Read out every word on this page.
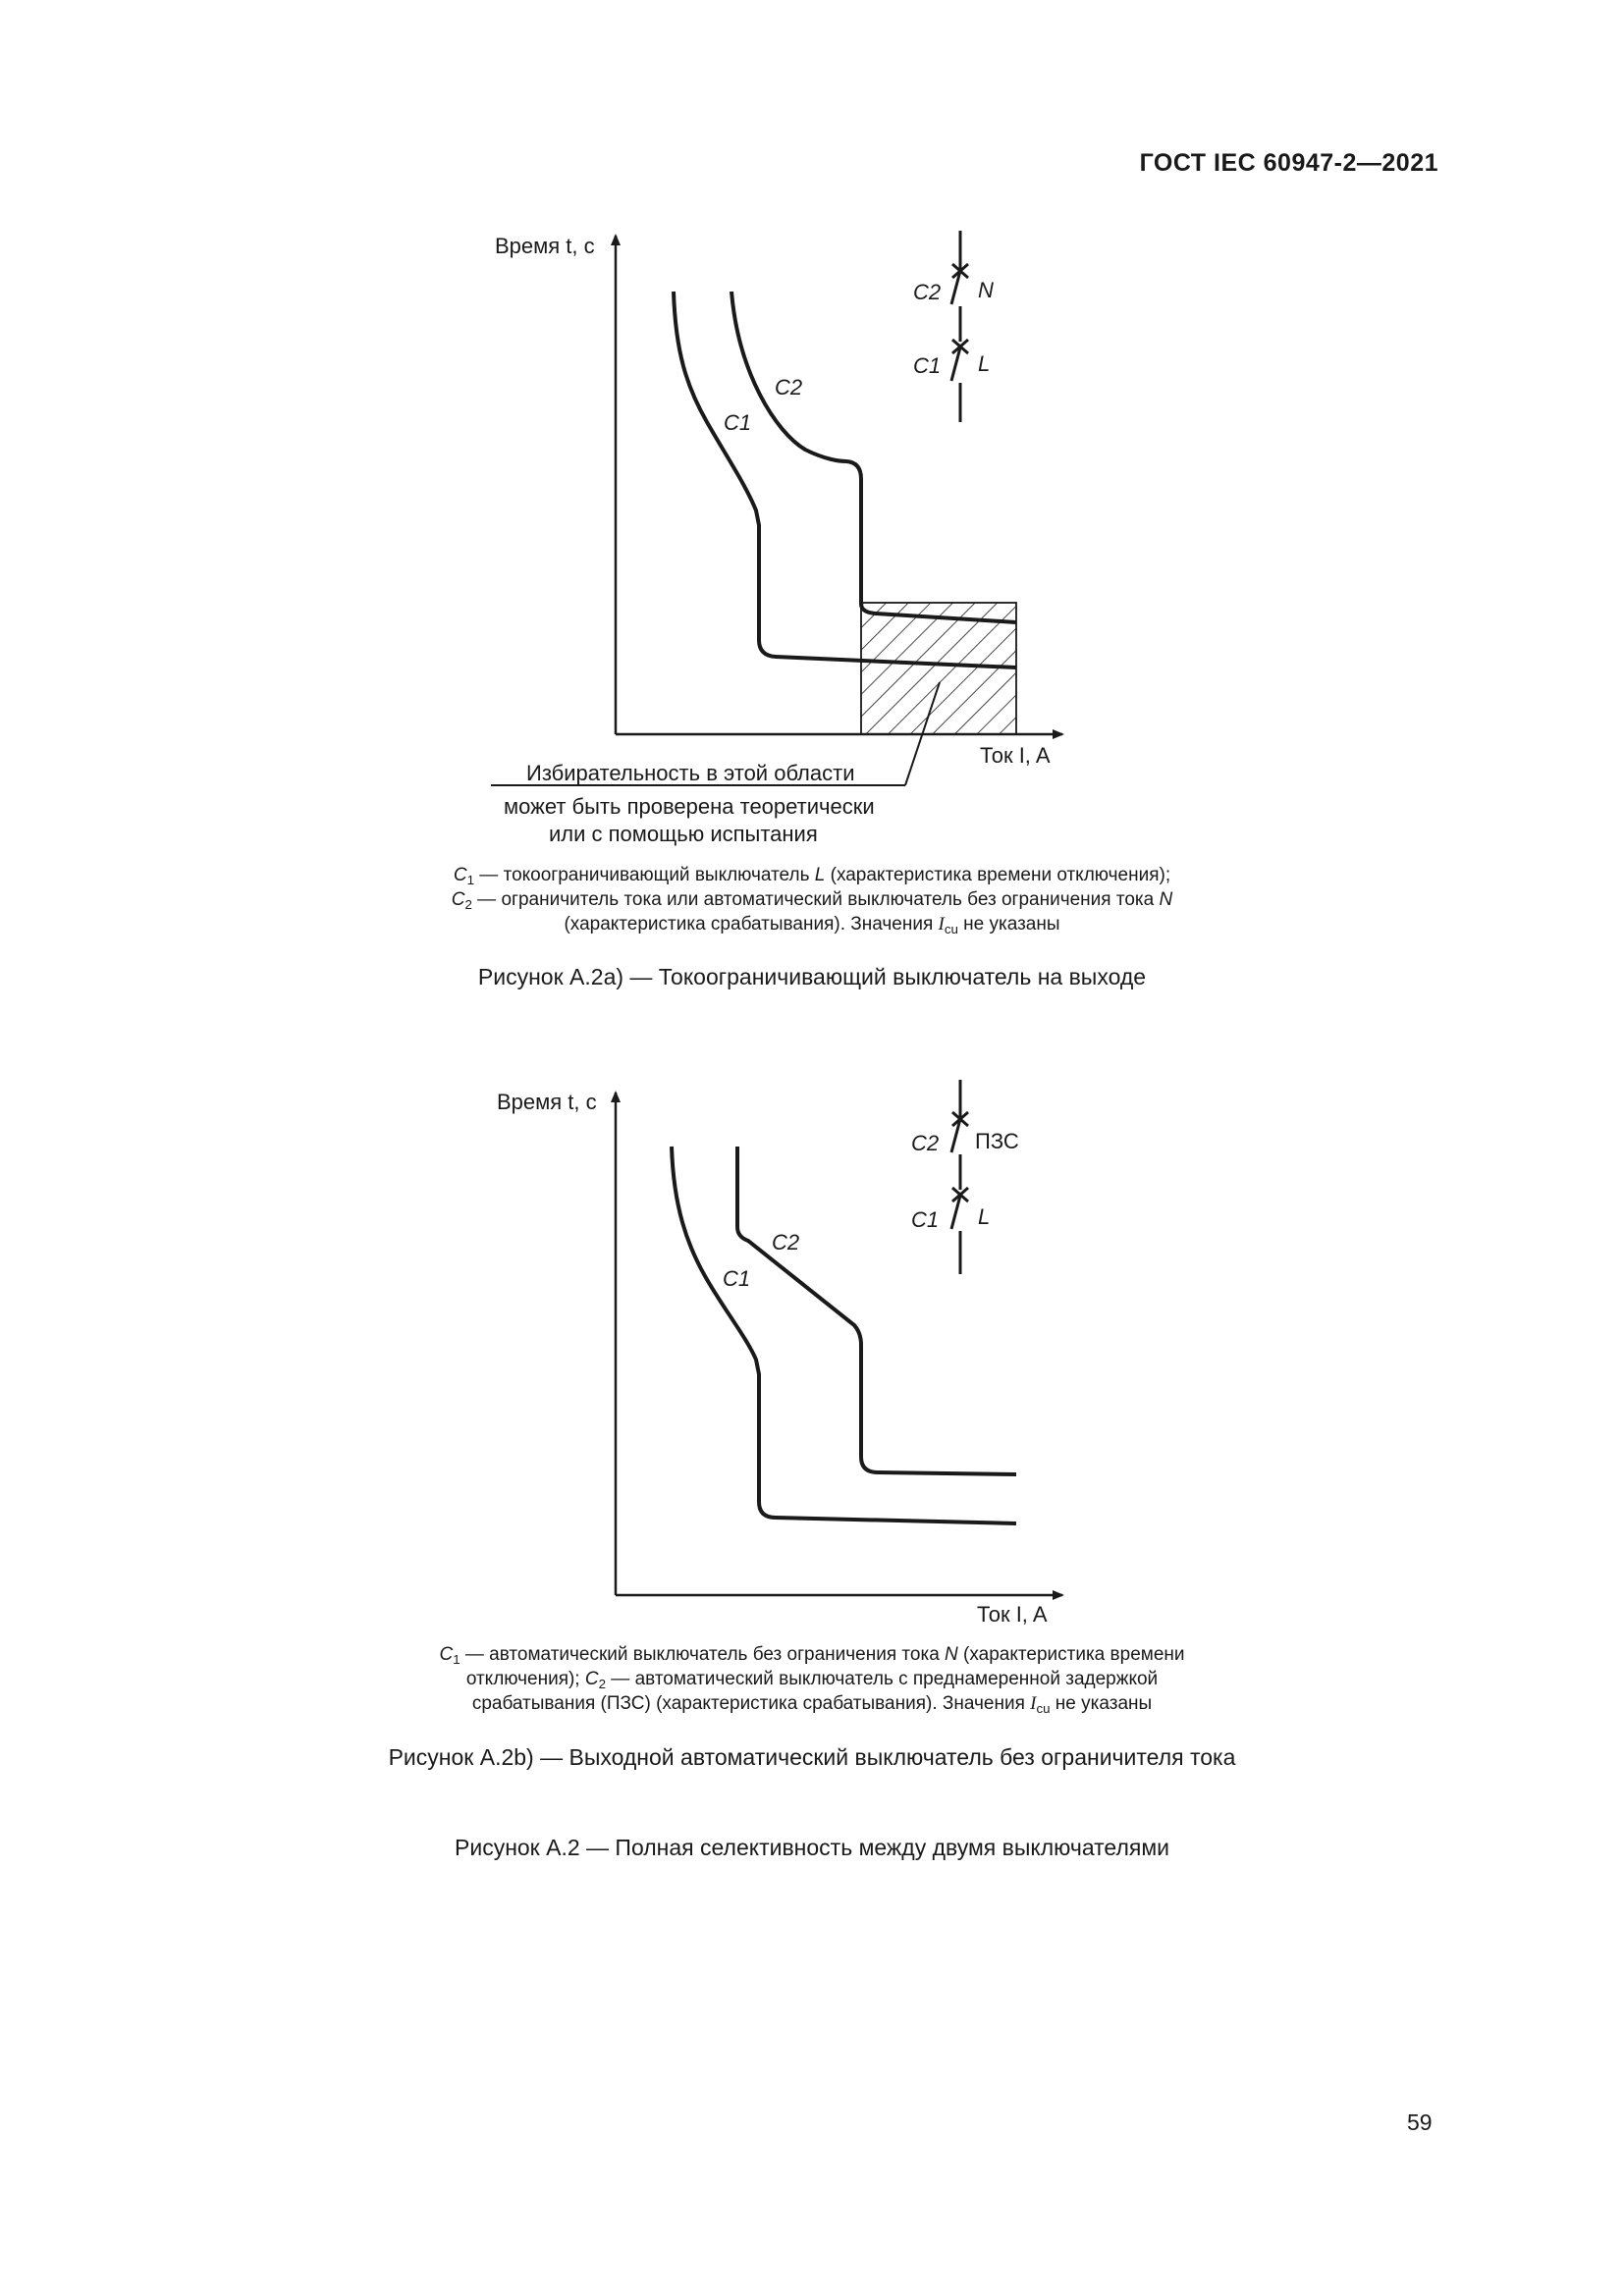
ГОСТ IEC 60947-2—2021
Время t, с
Ток I, A
C1
C2
C2 N
C1 L
Избирательность в этой области
может быть проверена теоретически
или с помощью испытания
$C_1$ — токоограничивающий выключатель L (характеристика времени отключения);
$C_2$ — ограничитель тока или автоматический выключатель без ограничения тока N
(характеристика срабатывания). Значения $I_{cu}$ не указаны
Рисунок А.2а) — Токоограничивающий выключатель на выходе
Время t, с
Ток I, A
C1
C2
C2 ПЗС
C1 L
$C_1$ — автоматический выключатель без ограничения тока N (характеристика времени
отключения); $C_2$ — автоматический выключатель с преднамеренной задержкой
срабатывания (ПЗС) (характеристика срабатывания). Значения $I_{cu}$ не указаны
Рисунок А.2b) — Выходной автоматический выключатель без ограничителя тока
Рисунок А.2 — Полная селективность между двумя выключателями
59
